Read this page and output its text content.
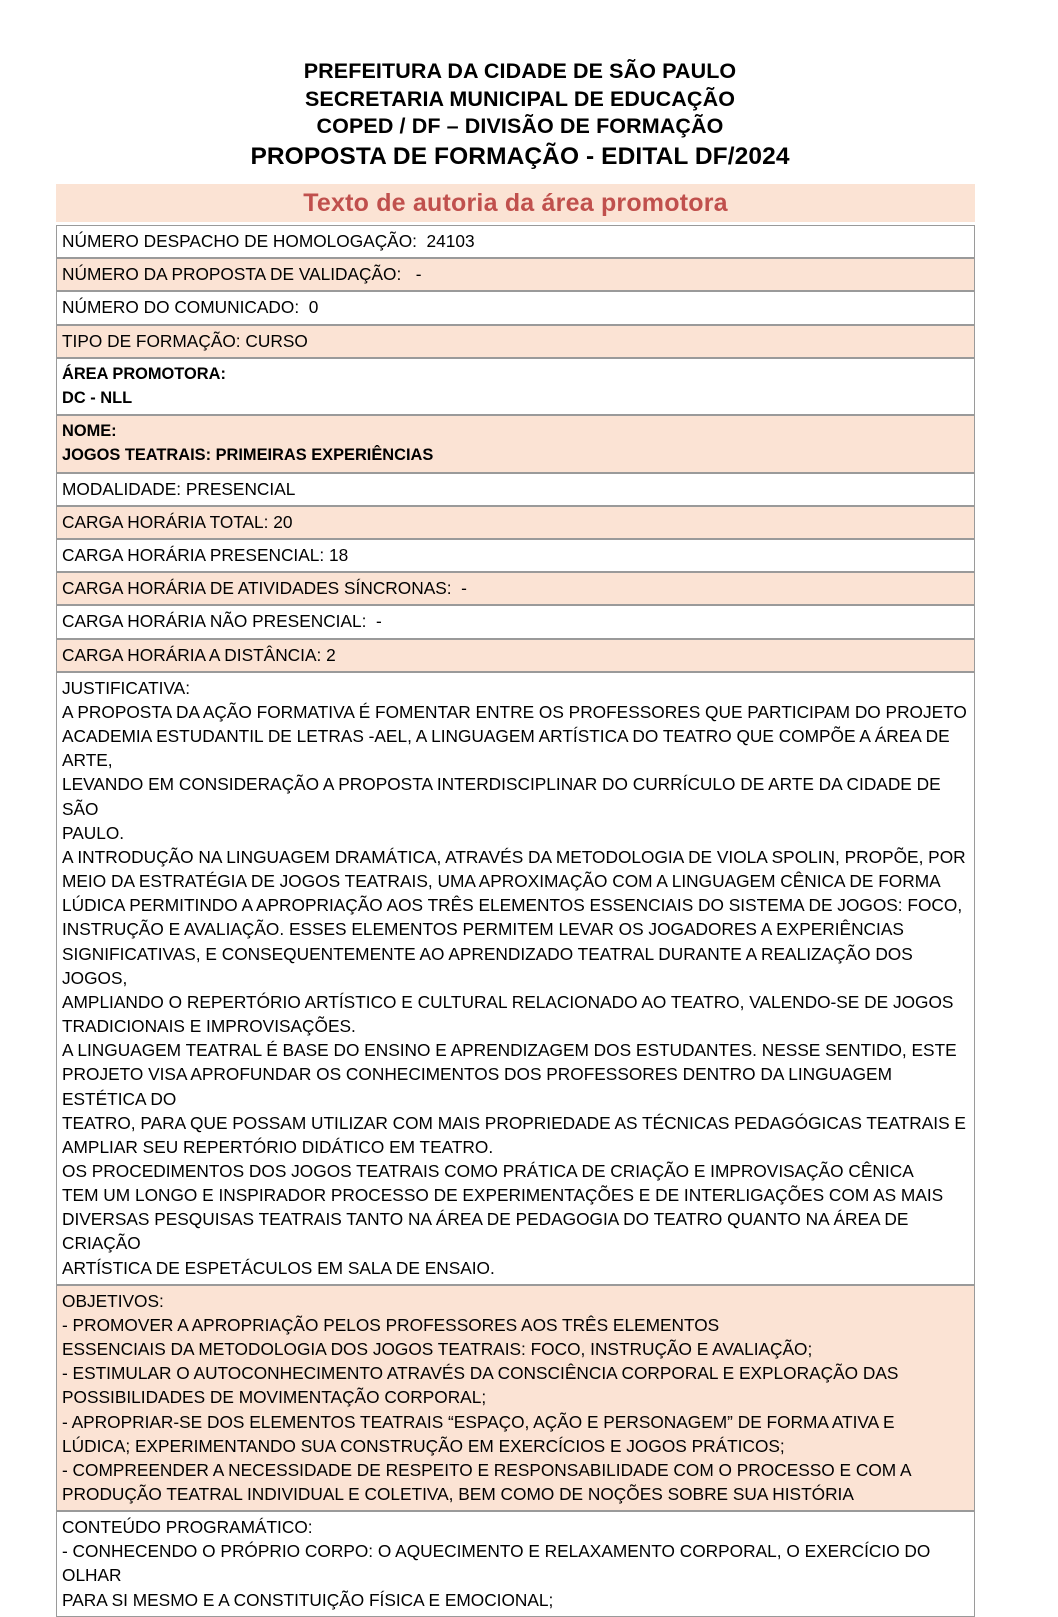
PREFEITURA DA CIDADE DE SÃO PAULO
SECRETARIA MUNICIPAL DE EDUCAÇÃO
COPED / DF – DIVISÃO DE FORMAÇÃO
PROPOSTA DE FORMAÇÃO - EDITAL DF/2024
Texto de autoria da área promotora
NÚMERO DESPACHO DE HOMOLOGAÇÃO:  24103

NÚMERO DA PROPOSTA DE VALIDAÇÃO:   -

NÚMERO DO COMUNICADO:  0

TIPO DE FORMAÇÃO: CURSO

ÁREA PROMOTORA:
DC - NLL

NOME:
JOGOS TEATRAIS: PRIMEIRAS EXPERIÊNCIAS

MODALIDADE: PRESENCIAL

CARGA HORÁRIA TOTAL: 20

CARGA HORÁRIA PRESENCIAL: 18

CARGA HORÁRIA DE ATIVIDADES SÍNCRONAS:  -

CARGA HORÁRIA NÃO PRESENCIAL:  -

CARGA HORÁRIA A DISTÂNCIA: 2

JUSTIFICATIVA:
A PROPOSTA DA AÇÃO FORMATIVA É FOMENTAR ENTRE OS PROFESSORES QUE PARTICIPAM DO PROJETO
ACADEMIA ESTUDANTIL DE LETRAS -AEL, A LINGUAGEM ARTÍSTICA DO TEATRO QUE COMPÕE A ÁREA DE ARTE,
LEVANDO EM CONSIDERAÇÃO A PROPOSTA INTERDISCIPLINAR DO CURRÍCULO DE ARTE DA CIDADE DE SÃO
PAULO.
A INTRODUÇÃO NA LINGUAGEM DRAMÁTICA, ATRAVÉS DA METODOLOGIA DE VIOLA SPOLIN, PROPÕE, POR
MEIO DA ESTRATÉGIA DE JOGOS TEATRAIS, UMA APROXIMAÇÃO COM A LINGUAGEM CÊNICA DE FORMA
LÚDICA PERMITINDO A APROPRIAÇÃO AOS TRÊS ELEMENTOS ESSENCIAIS DO SISTEMA DE JOGOS: FOCO,
INSTRUÇÃO E AVALIAÇÃO. ESSES ELEMENTOS PERMITEM LEVAR OS JOGADORES A EXPERIÊNCIAS
SIGNIFICATIVAS, E CONSEQUENTEMENTE AO APRENDIZADO TEATRAL DURANTE A REALIZAÇÃO DOS JOGOS,
AMPLIANDO O REPERTÓRIO ARTÍSTICO E CULTURAL RELACIONADO AO TEATRO, VALENDO-SE DE JOGOS
TRADICIONAIS E IMPROVISAÇÕES.
A LINGUAGEM TEATRAL É BASE DO ENSINO E APRENDIZAGEM DOS ESTUDANTES. NESSE SENTIDO, ESTE
PROJETO VISA APROFUNDAR OS CONHECIMENTOS DOS PROFESSORES DENTRO DA LINGUAGEM ESTÉTICA DO
TEATRO, PARA QUE POSSAM UTILIZAR COM MAIS PROPRIEDADE AS TÉCNICAS PEDAGÓGICAS TEATRAIS E
AMPLIAR SEU REPERTÓRIO DIDÁTICO EM TEATRO.
OS PROCEDIMENTOS DOS JOGOS TEATRAIS COMO PRÁTICA DE CRIAÇÃO E IMPROVISAÇÃO CÊNICA
TEM UM LONGO E INSPIRADOR PROCESSO DE EXPERIMENTAÇÕES E DE INTERLIGAÇÕES COM AS MAIS
DIVERSAS PESQUISAS TEATRAIS TANTO NA ÁREA DE PEDAGOGIA DO TEATRO QUANTO NA ÁREA DE CRIAÇÃO
ARTÍSTICA DE ESPETÁCULOS EM SALA DE ENSAIO.

OBJETIVOS:
- PROMOVER A APROPRIAÇÃO PELOS PROFESSORES AOS TRÊS ELEMENTOS
ESSENCIAIS DA METODOLOGIA DOS JOGOS TEATRAIS: FOCO, INSTRUÇÃO E AVALIAÇÃO;
- ESTIMULAR O AUTOCONHECIMENTO ATRAVÉS DA CONSCIÊNCIA CORPORAL E EXPLORAÇÃO DAS
POSSIBILIDADES DE MOVIMENTAÇÃO CORPORAL;
- APROPRIAR-SE DOS ELEMENTOS TEATRAIS “ESPAÇO, AÇÃO E PERSONAGEM” DE FORMA ATIVA E
LÚDICA; EXPERIMENTANDO SUA CONSTRUÇÃO EM EXERCÍCIOS E JOGOS PRÁTICOS;
- COMPREENDER A NECESSIDADE DE RESPEITO E RESPONSABILIDADE COM O PROCESSO E COM A
PRODUÇÃO TEATRAL INDIVIDUAL E COLETIVA, BEM COMO DE NOÇÕES SOBRE SUA HISTÓRIA

CONTEÚDO PROGRAMÁTICO:
- CONHECENDO O PRÓPRIO CORPO: O AQUECIMENTO E RELAXAMENTO CORPORAL, O EXERCÍCIO DO OLHAR
PARA SI MESMO E A CONSTITUIÇÃO FÍSICA E EMOCIONAL;
